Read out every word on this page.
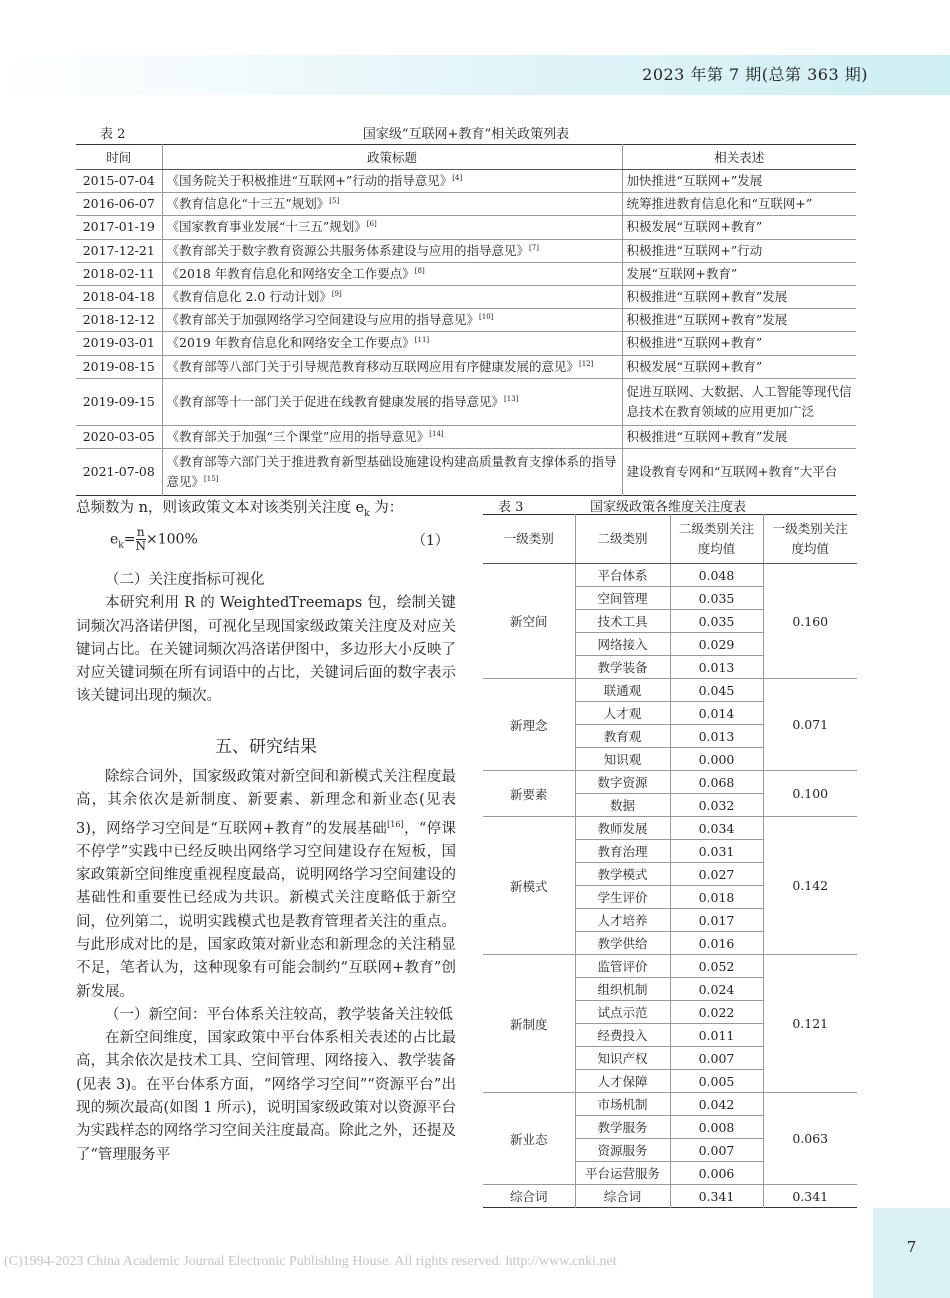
2023 年第 7 期(总第 363 期)
表 2	国家级“互联网+教育”相关政策列表
时间	政策标题	相关表述
2015-07-04	《国务院关于积极推进“互联网+”行动的指导意见》[4]	加快推进“互联网+”发展
2016-06-07	《教育信息化“十三五”规划》[5]	统筹推进教育信息化和“互联网+”
2017-01-19	《国家教育事业发展“十三五”规划》[6]	积极发展“互联网+教育”
2017-12-21	《教育部关于数字教育资源公共服务体系建设与应用的指导意见》[7]	积极推进“互联网+”行动
2018-02-11	《2018 年教育信息化和网络安全工作要点》[8]	发展“互联网+教育”
2018-04-18	《教育信息化 2.0 行动计划》[9]	积极推进“互联网+教育”发展
2018-12-12	《教育部关于加强网络学习空间建设与应用的指导意见》[10]	积极推进“互联网+教育”发展
2019-03-01	《2019 年教育信息化和网络安全工作要点》[11]	积极推进“互联网+教育”
2019-08-15	《教育部等八部门关于引导规范教育移动互联网应用有序健康发展的意见》[12]	积极发展“互联网+教育”
2019-09-15	《教育部等十一部门关于促进在线教育健康发展的指导意见》[13]	促进互联网、大数据、人工智能等现代信息技术在教育领域的应用更加广泛
2020-03-05	《教育部关于加强“三个课堂”应用的指导意见》[14]	积极推进“互联网+教育”发展
2021-07-08	《教育部等六部门关于推进教育新型基础设施建设构建高质量教育支撑体系的指导意见》[15]	建设教育专网和“互联网+教育”大平台

总频数为 n，则该政策文本对该类别关注度 $e_k$ 为：

$e_k= \frac{n}{N} \times 100\%$	（1）

（二）关注度指标可视化

本研究利用 R 的 WeightedTreemaps 包，绘制关键词频次冯洛诺伊图，可视化呈现国家级政策关注度及对应关键词占比。在关键词频次冯洛诺伊图中，多边形大小反映了对应关键词频在所有词语中的占比，关键词后面的数字表示该关键词出现的频次。

五、研究结果

除综合词外，国家级政策对新空间和新模式关注程度最高，其余依次是新制度、新要素、新理念和新业态(见表 3)，网络学习空间是“互联网+教育”的发展基础[16]，“停课不停学”实践中已经反映出网络学习空间建设存在短板，国家政策新空间维度重视程度最高，说明网络学习空间建设的基础性和重要性已经成为共识。新模式关注度略低于新空间，位列第二，说明实践模式也是教育管理者关注的重点。与此形成对比的是，国家政策对新业态和新理念的关注稍显不足，笔者认为，这种现象有可能会制约“互联网+教育”创新发展。

（一）新空间：平台体系关注较高，教学装备关注较低

在新空间维度，国家政策中平台体系相关表述的占比最高，其余依次是技术工具、空间管理、网络接入、教学装备(见表 3)。在平台体系方面，“网络学习空间”“资源平台”出现的频次最高(如图 1 所示)，说明国家级政策对以资源平台为实践样态的网络学习空间关注度最高。除此之外，还提及了“管理服务平

表 3	国家级政策各维度关注度表
一级类别	二级类别	二级类别关注度均值	一级类别关注度均值
新空间	平台体系	0.048	0.160
	空间管理	0.035	
	技术工具	0.035	
	网络接入	0.029	
	教学装备	0.013	
新理念	联通观	0.045	0.071
	人才观	0.014	
	教育观	0.013	
	知识观	0.000	
新要素	数字资源	0.068	0.100
	数据	0.032	
新模式	教师发展	0.034	0.142
	教育治理	0.031	
	教学模式	0.027	
	学生评价	0.018	
	人才培养	0.017	
	教学供给	0.016	
新制度	监管评价	0.052	0.121
	组织机制	0.024	
	试点示范	0.022	
	经费投入	0.011	
	知识产权	0.007	
	人才保障	0.005	
新业态	市场机制	0.042	0.063
	教学服务	0.008	
	资源服务	0.007	
	平台运营服务	0.006	
综合词	综合词	0.341	0.341
7
(C)1994-2023 China Academic Journal Electronic Publishing House. All rights reserved. http://www.cnki.net
